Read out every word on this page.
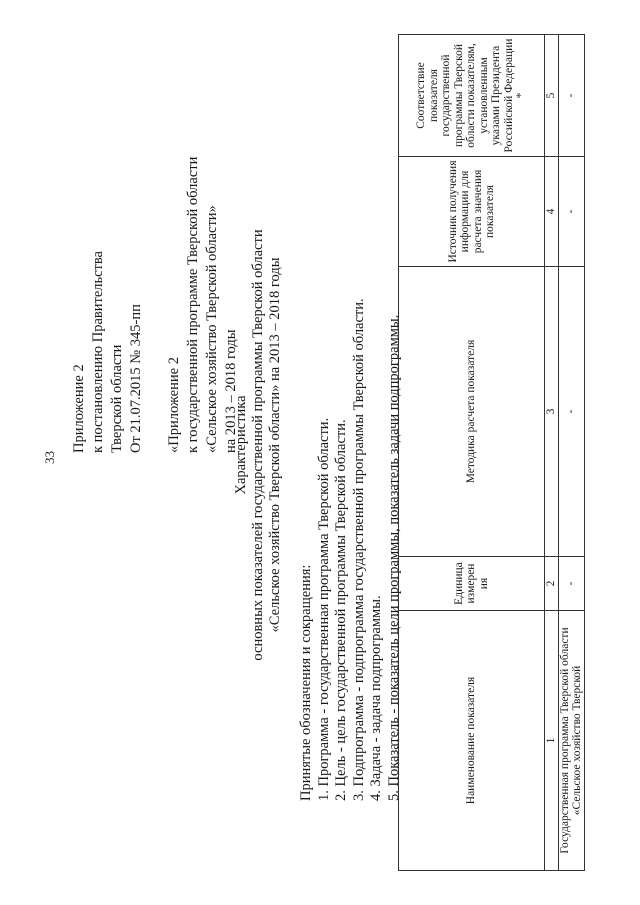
33
Приложение 2 к постановлению Правительства Тверской области От 21.07.2015 № 345-пп «Приложение 2 к государственной программе Тверской области «Сельское хозяйство Тверской области» на 2013 – 2018 годы
Характеристика основных показателей государственной программы Тверской области «Сельское хозяйство Тверской области» на 2013 – 2018 годы
Принятые обозначения и сокращения: 1. Программа - государственная программа Тверской области. 2. Цель - цель государственной программы Тверской области. 3. Подпрограмма - подпрограмма государственной программы Тверской области. 4. Задача - задача подпрограммы. 5. Показатель - показатель цели программы, показатель задачи подпрограммы.	Наименование показателя	Единица измерен ия	Методика расчета показателя	Источник получения информации для расчета значения показателя	Соответствие показателя государственной программы Тверской области показателям, установленным указами Президента Российской Федерации *
1	2	3	4	5
Государственная программа Тверской области «Сельское хозяйство Тверской	-	-	-	-
